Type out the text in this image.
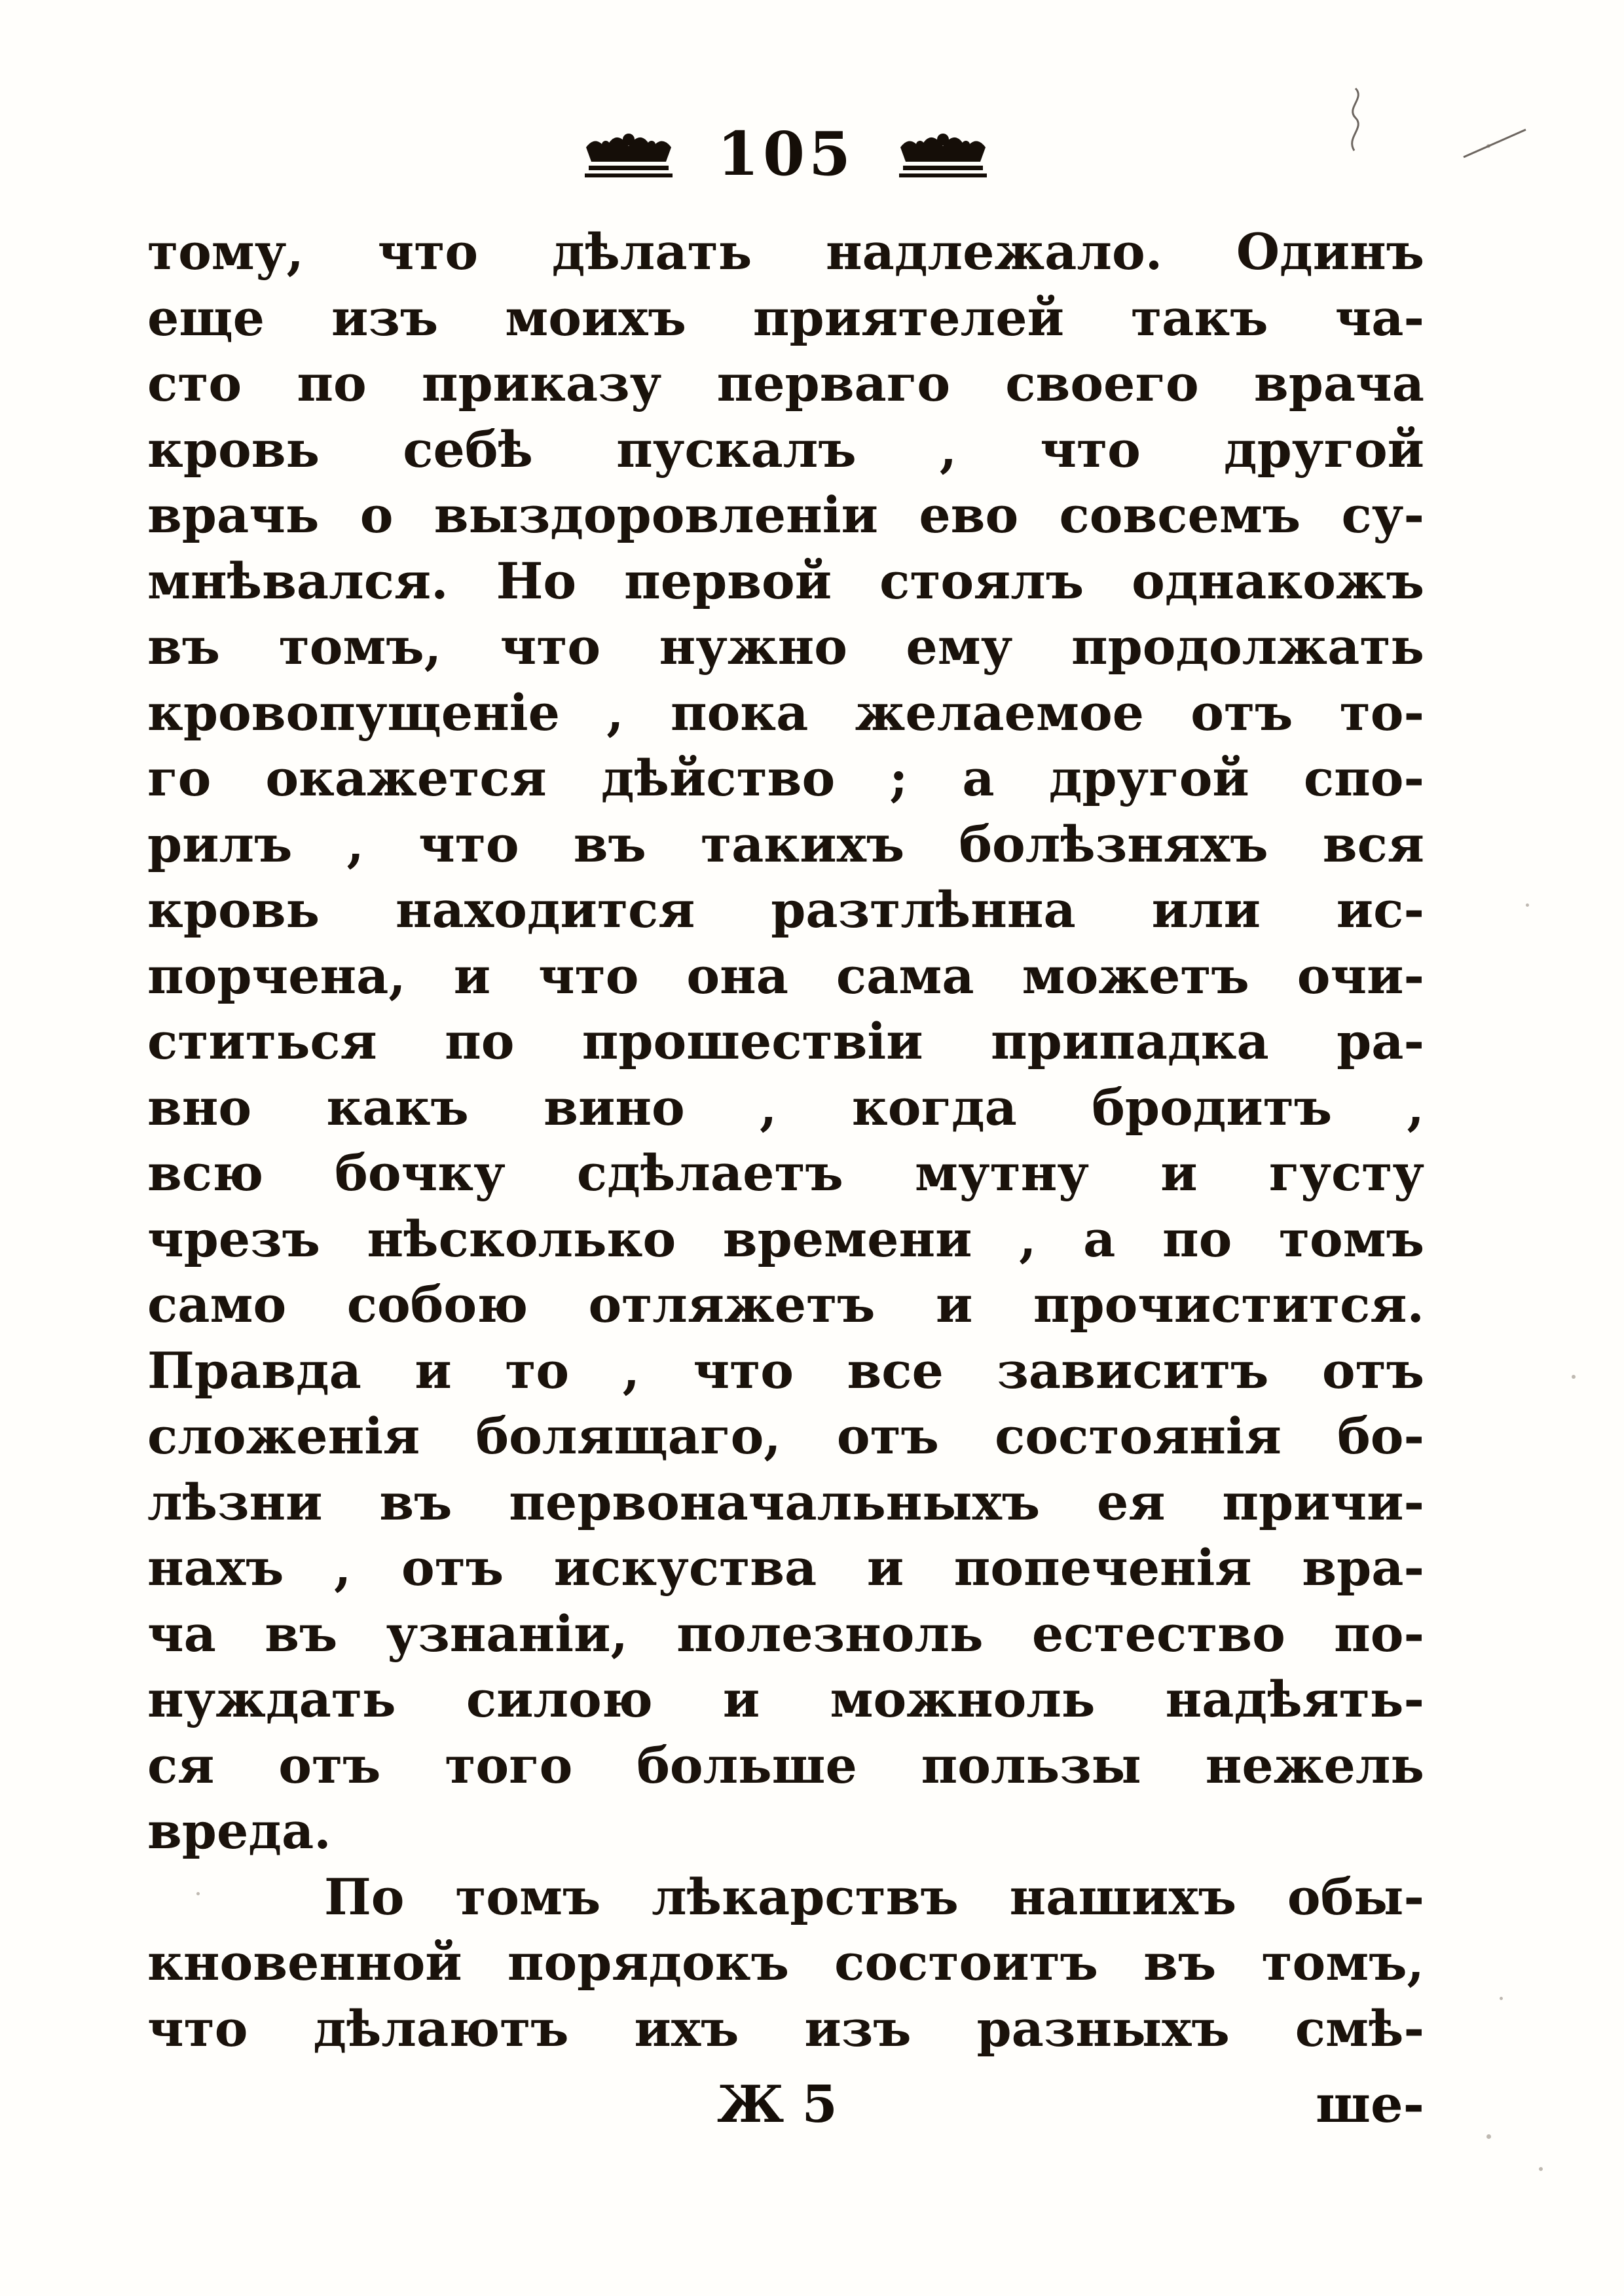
105
тому, что дѣлать надлежало. Одинъ
еще изъ моихъ приятелей такъ ча-
сто по приказу перваго своего врача
кровь себѣ пускалъ , что другой
врачь о выздоровленіи ево совсемъ су-
мнѣвался. Но первой стоялъ однакожъ
въ томъ, что нужно ему продолжать
кровопущеніе , пока желаемое отъ то-
го окажется дѣйство ; а другой спо-
рилъ , что въ такихъ болѣзняхъ вся
кровь находится разтлѣнна или ис-
порчена, и что она сама можетъ очи-
ститься по прошествіи припадка ра-
вно какъ вино , когда бродитъ ,
всю бочку сдѣлаетъ мутну и густу
чрезъ нѣсколько времени , а по томъ
само собою отляжетъ и прочистится.
Правда и то , что все зависитъ отъ
сложенія болящаго, отъ состоянія бо-
лѣзни въ первоначальныхъ ея причи-
нахъ , отъ искуства и попеченія вра-
ча въ узнаніи, полезноль естество по-
нуждать силою и можноль надѣять-
ся отъ того больше пользы нежель
вреда.
По томъ лѣкарствъ нашихъ обы-
кновенной порядокъ состоитъ въ томъ,
что дѣлаютъ ихъ изъ разныхъ смѣ-
Ж 5	ше-
